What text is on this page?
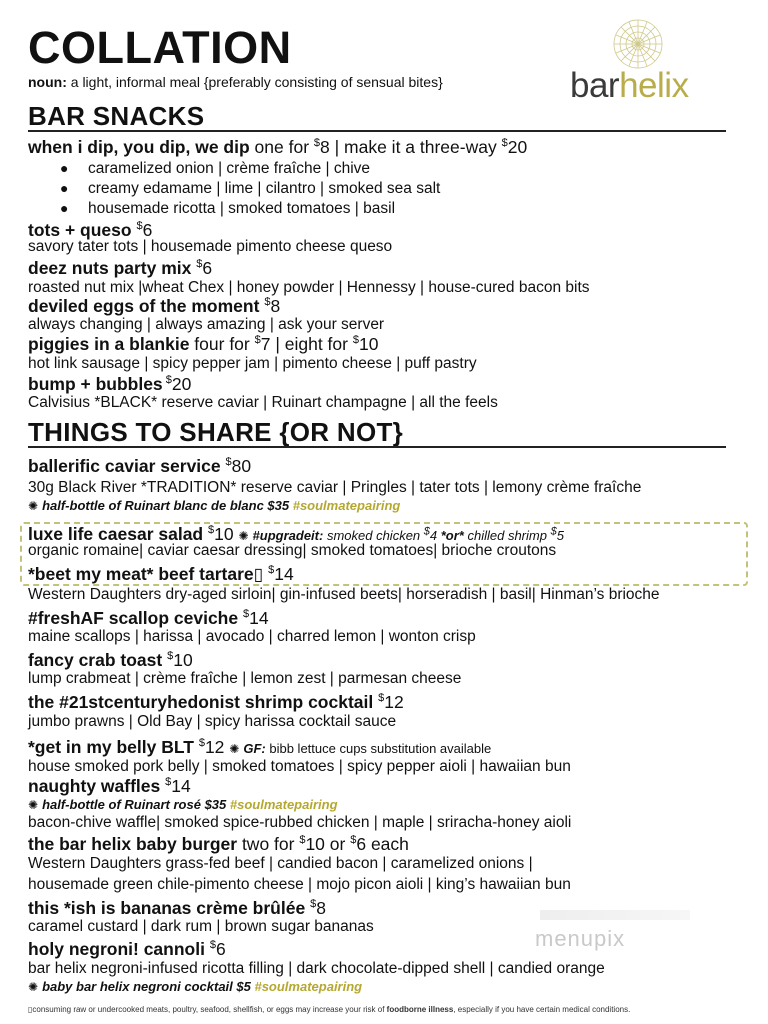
COLLATION
noun: a light, informal meal {preferably consisting of sensual bites}	barhelix
BAR SNACKS
when i dip, you dip, we dip one for $8 | make it a three-way $20
● caramelized onion | crème fraîche | chive
● creamy edamame | lime | cilantro | smoked sea salt
● housemade ricotta | smoked tomatoes | basil
tots + queso $6
savory tater tots | housemade pimento cheese queso
deez nuts party mix $6
roasted nut mix |wheat Chex | honey powder | Hennessy | house-cured bacon bits
deviled eggs of the moment $8
always changing | always amazing | ask your server
piggies in a blankie four for $7 | eight for $10
hot link sausage | spicy pepper jam | pimento cheese | puff pastry
bump + bubbles $20
Calvisius *BLACK* reserve caviar | Ruinart champagne | all the feels
THINGS TO SHARE {OR NOT}
ballerific caviar service $80
30g Black River *TRADITION* reserve caviar | Pringles | tater tots | lemony crème fraîche
✺ half-bottle of Ruinart blanc de blanc $35 #soulmatepairing
luxe life caesar salad $10 ✺ #upgradeit: smoked chicken $4 *or* chilled shrimp $5
organic romaine| caviar caesar dressing| smoked tomatoes| brioche croutons
*beet my meat* beef tartare▯ $14
Western Daughters dry-aged sirloin| gin-infused beets| horseradish | basil| Hinman’s brioche
#freshAF scallop ceviche $14
maine scallops | harissa | avocado | charred lemon | wonton crisp
fancy crab toast $10
lump crabmeat | crème fraîche | lemon zest | parmesan cheese
the #21stcenturyhedonist shrimp cocktail $12
jumbo prawns | Old Bay | spicy harissa cocktail sauce
*get in my belly BLT $12 ✺ GF: bibb lettuce cups substitution available
house smoked pork belly | smoked tomatoes | spicy pepper aioli | hawaiian bun
naughty waffles $14
✺ half-bottle of Ruinart rosé $35 #soulmatepairing
bacon-chive waffle| smoked spice-rubbed chicken | maple | sriracha-honey aioli
the bar helix baby burger two for $10 or $6 each
Western Daughters grass-fed beef | candied bacon | caramelized onions |
housemade green chile-pimento cheese | mojo picon aioli | king’s hawaiian bun
this *ish is bananas crème brûlée $8
caramel custard | dark rum | brown sugar bananas	menupix
holy negroni! cannoli $6
bar helix negroni-infused ricotta filling | dark chocolate-dipped shell | candied orange
✺ baby bar helix negroni cocktail $5 #soulmatepairing
▯consuming raw or undercooked meats, poultry, seafood, shellfish, or eggs may increase your risk of foodborne illness, especially if you have certain medical conditions.
